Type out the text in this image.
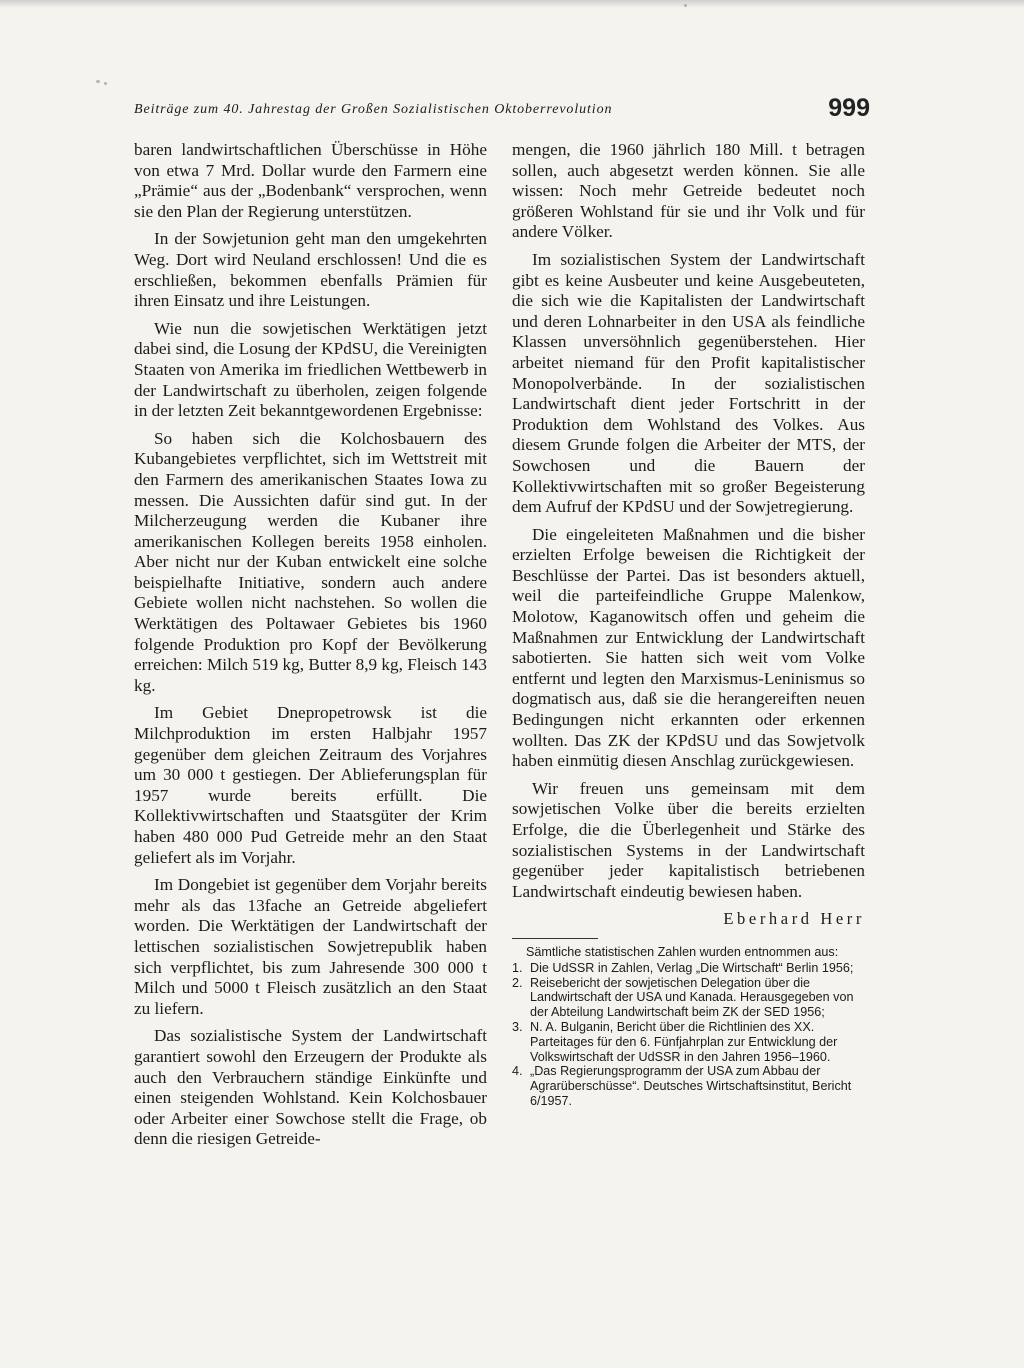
Beiträge zum 40. Jahrestag der Großen Sozialistischen Oktoberrevolution	999

baren landwirtschaftlichen Überschüsse in Höhe von etwa 7 Mrd. Dollar wurde den Farmern eine „Prämie“ aus der „Bodenbank“ versprochen, wenn sie den Plan der Regierung unterstützen.

In der Sowjetunion geht man den umgekehrten Weg. Dort wird Neuland erschlossen! Und die es erschließen, bekommen ebenfalls Prämien für ihren Einsatz und ihre Leistungen.

Wie nun die sowjetischen Werktätigen jetzt dabei sind, die Losung der KPdSU, die Vereinigten Staaten von Amerika im friedlichen Wettbewerb in der Landwirtschaft zu überholen, zeigen folgende in der letzten Zeit bekanntgewordenen Ergebnisse:

So haben sich die Kolchosbauern des Kubangebietes verpflichtet, sich im Wettstreit mit den Farmern des amerikanischen Staates Iowa zu messen. Die Aussichten dafür sind gut. In der Milcherzeugung werden die Kubaner ihre amerikanischen Kollegen bereits 1958 einholen. Aber nicht nur der Kuban entwickelt eine solche beispielhafte Initiative, sondern auch andere Gebiete wollen nicht nachstehen. So wollen die Werktätigen des Poltawaer Gebietes bis 1960 folgende Produktion pro Kopf der Bevölkerung erreichen: Milch 519 kg, Butter 8,9 kg, Fleisch 143 kg.

Im Gebiet Dnepropetrowsk ist die Milchproduktion im ersten Halbjahr 1957 gegenüber dem gleichen Zeitraum des Vorjahres um 30 000 t gestiegen. Der Ablieferungsplan für 1957 wurde bereits erfüllt. Die Kollektivwirtschaften und Staatsgüter der Krim haben 480 000 Pud Getreide mehr an den Staat geliefert als im Vorjahr.

Im Dongebiet ist gegenüber dem Vorjahr bereits mehr als das 13fache an Getreide abgeliefert worden. Die Werktätigen der Landwirtschaft der lettischen sozialistischen Sowjetrepublik haben sich verpflichtet, bis zum Jahresende 300 000 t Milch und 5000 t Fleisch zusätzlich an den Staat zu liefern.

Das sozialistische System der Landwirtschaft garantiert sowohl den Erzeugern der Produkte als auch den Verbrauchern ständige Einkünfte und einen steigenden Wohlstand. Kein Kolchosbauer oder Arbeiter einer Sowchose stellt die Frage, ob denn die riesigen Getreide-

mengen, die 1960 jährlich 180 Mill. t betragen sollen, auch abgesetzt werden können. Sie alle wissen: Noch mehr Getreide bedeutet noch größeren Wohlstand für sie und ihr Volk und für andere Völker.

Im sozialistischen System der Landwirtschaft gibt es keine Ausbeuter und keine Ausgebeuteten, die sich wie die Kapitalisten der Landwirtschaft und deren Lohnarbeiter in den USA als feindliche Klassen unversöhnlich gegenüberstehen. Hier arbeitet niemand für den Profit kapitalistischer Monopolverbände. In der sozialistischen Landwirtschaft dient jeder Fortschritt in der Produktion dem Wohlstand des Volkes. Aus diesem Grunde folgen die Arbeiter der MTS, der Sowchosen und die Bauern der Kollektivwirtschaften mit so großer Begeisterung dem Aufruf der KPdSU und der Sowjetregierung.

Die eingeleiteten Maßnahmen und die bisher erzielten Erfolge beweisen die Richtigkeit der Beschlüsse der Partei. Das ist besonders aktuell, weil die parteifeindliche Gruppe Malenkow, Molotow, Kaganowitsch offen und geheim die Maßnahmen zur Entwicklung der Landwirtschaft sabotierten. Sie hatten sich weit vom Volke entfernt und legten den Marxismus-Leninismus so dogmatisch aus, daß sie die herangereiften neuen Bedingungen nicht erkannten oder erkennen wollten. Das ZK der KPdSU und das Sowjetvolk haben einmütig diesen Anschlag zurückgewiesen.

Wir freuen uns gemeinsam mit dem sowjetischen Volke über die bereits erzielten Erfolge, die die Überlegenheit und Stärke des sozialistischen Systems in der Landwirtschaft gegenüber jeder kapitalistisch betriebenen Landwirtschaft eindeutig bewiesen haben.

Eberhard Herr

Sämtliche statistischen Zahlen wurden entnommen aus:

1. Die UdSSR in Zahlen, Verlag „Die Wirtschaft“ Berlin 1956;

2. Reisebericht der sowjetischen Delegation über die Landwirtschaft der USA und Kanada. Herausgegeben von der Abteilung Landwirtschaft beim ZK der SED 1956;

3. N. A. Bulganin, Bericht über die Richtlinien des XX. Parteitages für den 6. Fünfjahrplan zur Entwicklung der Volkswirtschaft der UdSSR in den Jahren 1956–1960.

4. „Das Regierungsprogramm der USA zum Abbau der Agrarüberschüsse“. Deutsches Wirtschaftsinstitut, Bericht 6/1957.
